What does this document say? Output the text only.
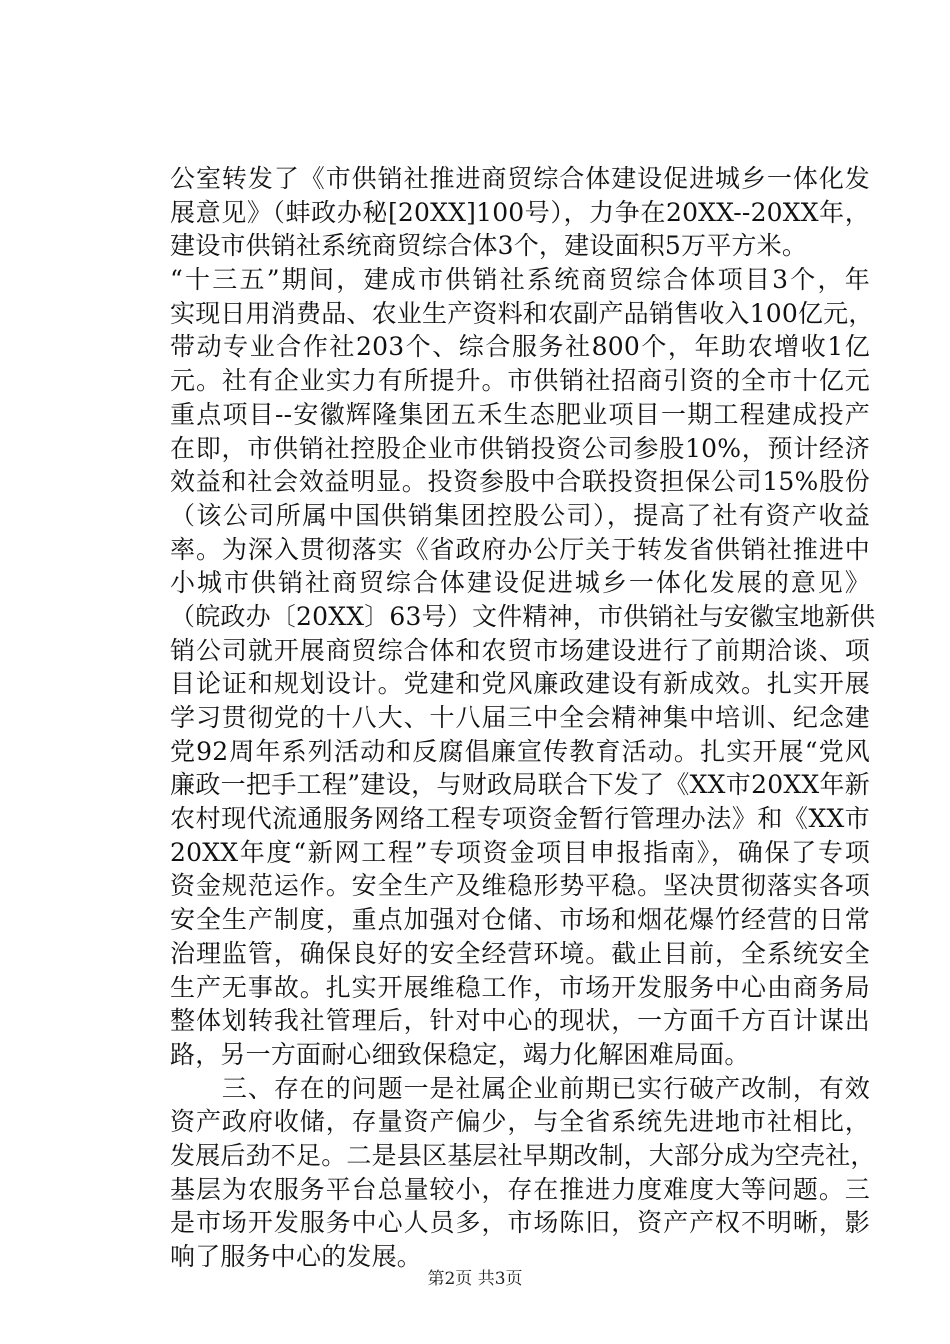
公室转发了《市供销社推进商贸综合体建设促进城乡一体化发
展意见》（蚌政办秘[20XX]100号），力争在20XX--20XX年，
建设市供销社系统商贸综合体3个，建设面积5万平方米。
“十三五”期间，建成市供销社系统商贸综合体项目3个，年
实现日用消费品、农业生产资料和农副产品销售收入100亿元，
带动专业合作社203个、综合服务社800个，年助农增收1亿
元。社有企业实力有所提升。市供销社招商引资的全市十亿元
重点项目--安徽辉隆集团五禾生态肥业项目一期工程建成投产
在即，市供销社控股企业市供销投资公司参股10%，预计经济
效益和社会效益明显。投资参股中合联投资担保公司15%股份
（该公司所属中国供销集团控股公司），提高了社有资产收益
率。为深入贯彻落实《省政府办公厅关于转发省供销社推进中
小城市供销社商贸综合体建设促进城乡一体化发展的意见》
（皖政办〔20XX〕63号）文件精神，市供销社与安徽宝地新供
销公司就开展商贸综合体和农贸市场建设进行了前期洽谈、项
目论证和规划设计。党建和党风廉政建设有新成效。扎实开展
学习贯彻党的十八大、十八届三中全会精神集中培训、纪念建
党92周年系列活动和反腐倡廉宣传教育活动。扎实开展“党风
廉政一把手工程”建设，与财政局联合下发了《XX市20XX年新
农村现代流通服务网络工程专项资金暂行管理办法》和《XX市
20XX年度“新网工程”专项资金项目申报指南》，确保了专项
资金规范运作。安全生产及维稳形势平稳。坚决贯彻落实各项
安全生产制度，重点加强对仓储、市场和烟花爆竹经营的日常
治理监管，确保良好的安全经营环境。截止目前，全系统安全
生产无事故。扎实开展维稳工作，市场开发服务中心由商务局
整体划转我社管理后，针对中心的现状，一方面千方百计谋出
路，另一方面耐心细致保稳定，竭力化解困难局面。
　　三、存在的问题一是社属企业前期已实行破产改制，有效
资产政府收储，存量资产偏少，与全省系统先进地市社相比，
发展后劲不足。二是县区基层社早期改制，大部分成为空壳社，
基层为农服务平台总量较小，存在推进力度难度大等问题。三
是市场开发服务中心人员多，市场陈旧，资产产权不明晰，影
响了服务中心的发展。
第2页 共3页
